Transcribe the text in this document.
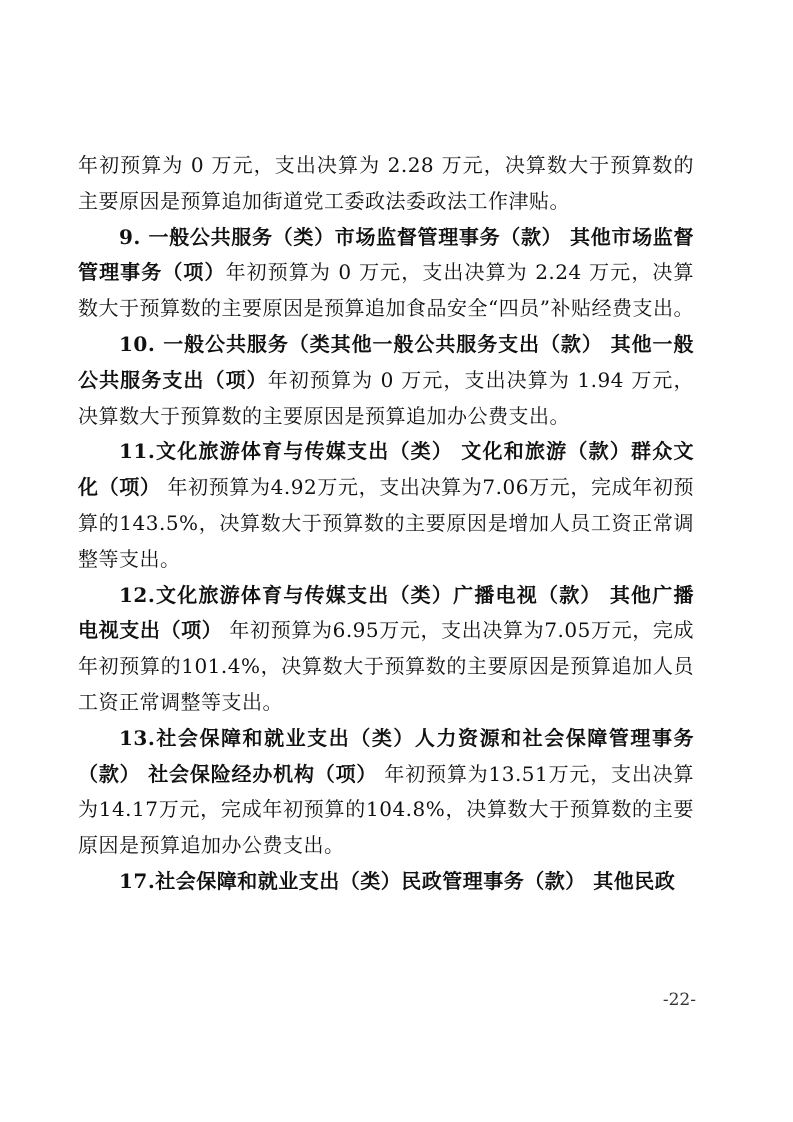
年初预算为 0 万元，支出决算为 2.28 万元，决算数大于预算数的主要原因是预算追加街道党工委政法委政法工作津贴。

9. 一般公共服务（类）市场监督管理事务（款） 其他市场监督管理事务（项）年初预算为 0 万元，支出决算为 2.24 万元，决算数大于预算数的主要原因是预算追加食品安全“四员”补贴经费支出。

10. 一般公共服务（类其他一般公共服务支出（款） 其他一般公共服务支出（项）年初预算为 0 万元，支出决算为 1.94 万元，决算数大于预算数的主要原因是预算追加办公费支出。

11.文化旅游体育与传媒支出（类） 文化和旅游（款）群众文化（项） 年初预算为4.92万元，支出决算为7.06万元，完成年初预算的143.5%，决算数大于预算数的主要原因是增加人员工资正常调整等支出。

12.文化旅游体育与传媒支出（类）广播电视（款） 其他广播电视支出（项） 年初预算为6.95万元，支出决算为7.05万元，完成年初预算的101.4%，决算数大于预算数的主要原因是预算追加人员工资正常调整等支出。

13.社会保障和就业支出（类）人力资源和社会保障管理事务（款） 社会保险经办机构（项） 年初预算为13.51万元，支出决算为14.17万元，完成年初预算的104.8%，决算数大于预算数的主要原因是预算追加办公费支出。

17.社会保障和就业支出（类）民政管理事务（款） 其他民政

-22-
